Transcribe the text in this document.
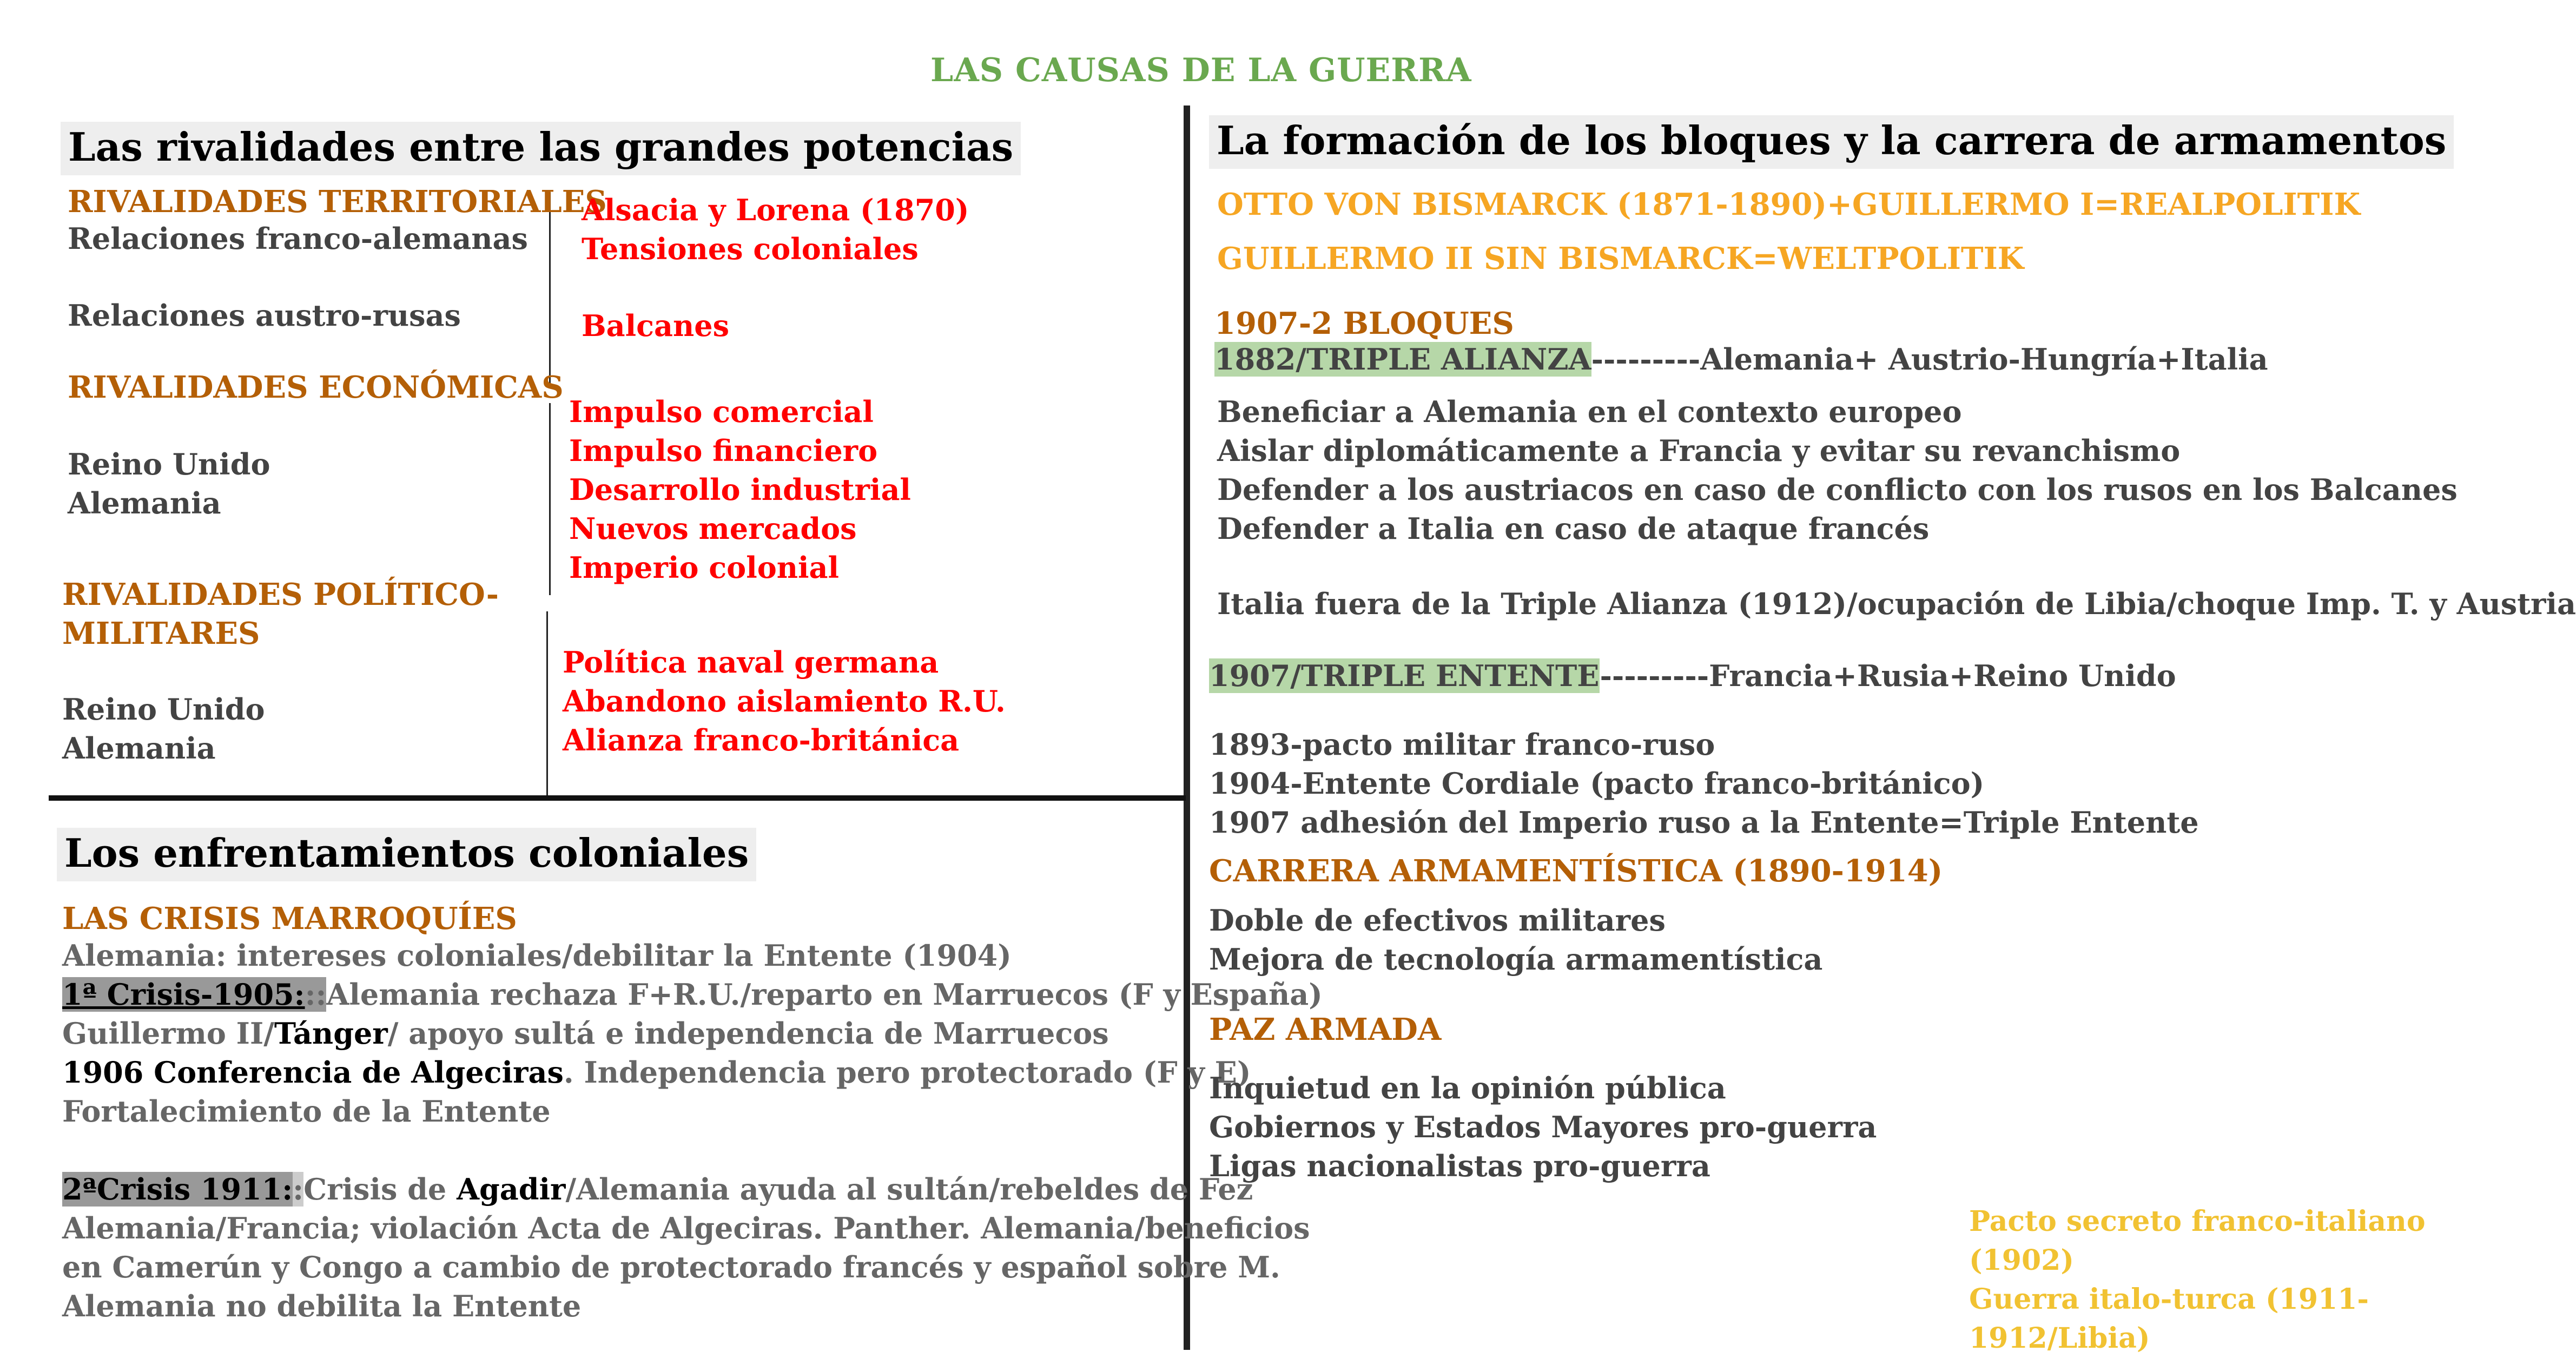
LAS CAUSAS DE LA GUERRA
Las rivalidades entre las grandes potencias
RIVALIDADES TERRITORIALES
Relaciones franco-alemanas
Relaciones austro-rusas
Alsacia y Lorena (1870)
Tensiones coloniales
Balcanes
RIVALIDADES ECONÓMICAS
Reino Unido
Alemania
Impulso comercial
Impulso financiero
Desarrollo industrial
Nuevos mercados
Imperio colonial
RIVALIDADES POLÍTICO-
MILITARES
Reino Unido
Alemania
Política naval germana
Abandono aislamiento R.U.
Alianza franco-británica
Los enfrentamientos coloniales
LAS CRISIS MARROQUÍES
Alemania: intereses coloniales/debilitar la Entente (1904)
1ª Crisis-1905:::Alemania rechaza F+R.U./reparto en Marruecos (F y España)
Guillermo II/Tánger/ apoyo sultá e independencia de Marruecos
1906 Conferencia de Algeciras. Independencia pero protectorado (F y E)
Fortalecimiento de la Entente
2ªCrisis 1911::Crisis de Agadir/Alemania ayuda al sultán/rebeldes de Fez
Alemania/Francia; violación Acta de Algeciras. Panther. Alemania/beneficios
en Camerún y Congo a cambio de protectorado francés y español sobre M.
Alemania no debilita la Entente
La formación de los bloques y la carrera de armamentos
OTTO VON BISMARCK (1871-1890)+GUILLERMO I=REALPOLITIK
GUILLERMO II SIN BISMARCK=WELTPOLITIK
1907-2 BLOQUES
1882/TRIPLE ALIANZA---------Alemania+ Austrio-Hungría+Italia
Beneficiar a Alemania en el contexto europeo
Aislar diplomáticamente a Francia y evitar su revanchismo
Defender a los austriacos en caso de conflicto con los rusos en los Balcanes
Defender a Italia en caso de ataque francés
Italia fuera de la Triple Alianza (1912)/ocupación de Libia/choque Imp. T. y Austria
1907/TRIPLE ENTENTE---------Francia+Rusia+Reino Unido
1893-pacto militar franco-ruso
1904-Entente Cordiale (pacto franco-británico)
1907 adhesión del Imperio ruso a la Entente=Triple Entente
CARRERA ARMAMENTÍSTICA (1890-1914)
Doble de efectivos militares
Mejora de tecnología armamentística
PAZ ARMADA
Inquietud en la opinión pública
Gobiernos y Estados Mayores pro-guerra
Ligas nacionalistas pro-guerra
Pacto secreto franco-italiano
(1902)
Guerra italo-turca (1911-
1912/Libia)
